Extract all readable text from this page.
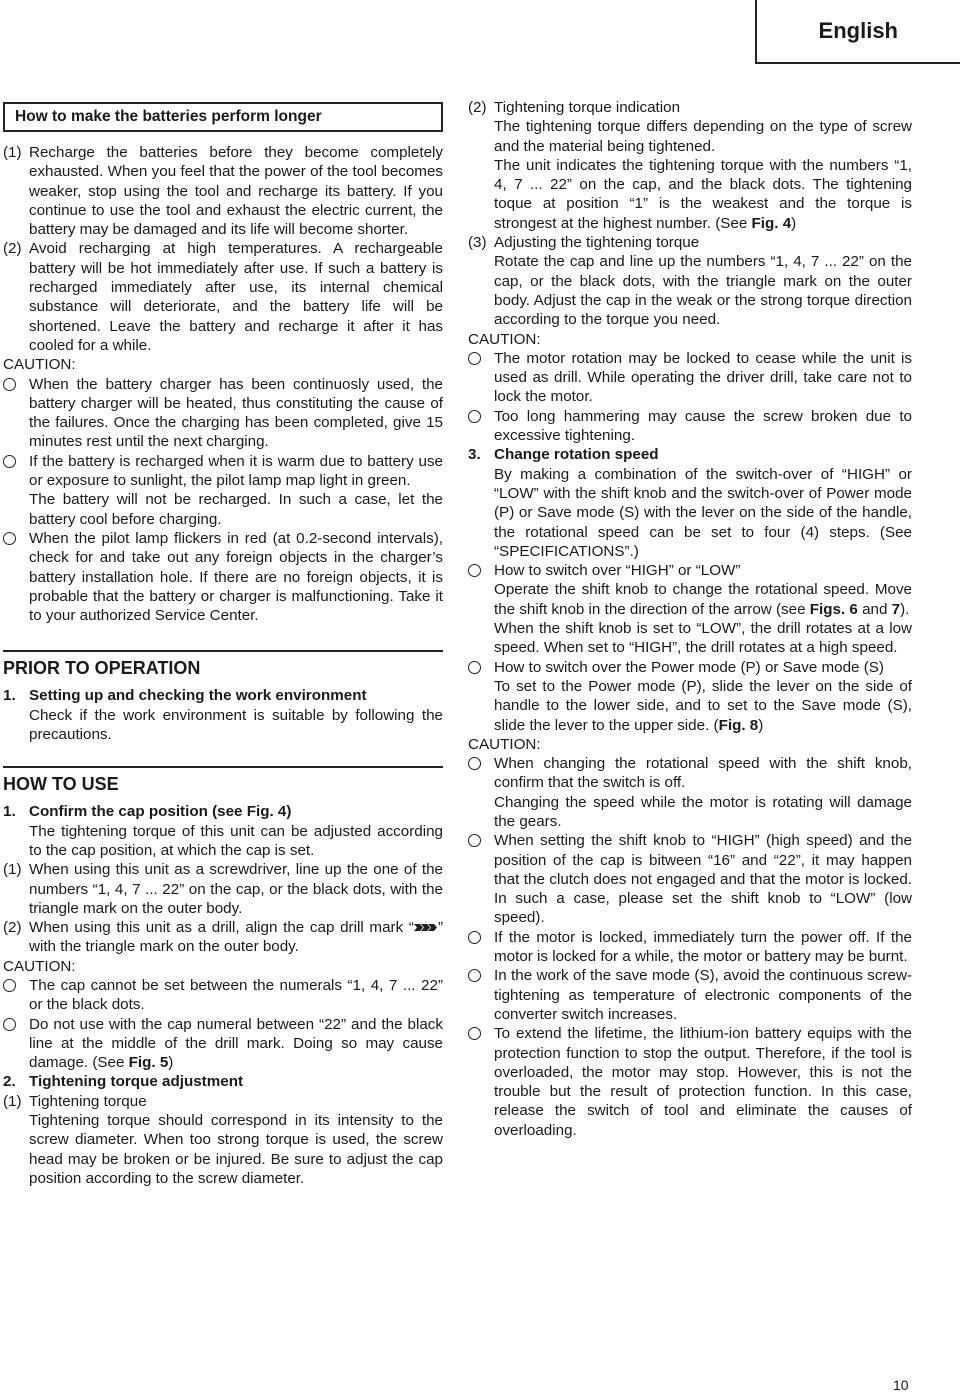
English
How to make the batteries perform longer
(1) Recharge the batteries before they become completely exhausted. When you feel that the power of the tool becomes weaker, stop using the tool and recharge its battery. If you continue to use the tool and exhaust the electric current, the battery may be damaged and its life will become shorter.
(2) Avoid recharging at high temperatures. A rechargeable battery will be hot immediately after use. If such a battery is recharged immediately after use, its internal chemical substance will deteriorate, and the battery life will be shortened. Leave the battery and recharge it after it has cooled for a while.
CAUTION:
When the battery charger has been continuosly used, the battery charger will be heated, thus constituting the cause of the failures. Once the charging has been completed, give 15 minutes rest until the next charging.
If the battery is recharged when it is warm due to battery use or exposure to sunlight, the pilot lamp map light in green.
The battery will not be recharged. In such a case, let the battery cool before charging.
When the pilot lamp flickers in red (at 0.2-second intervals), check for and take out any foreign objects in the charger’s battery installation hole. If there are no foreign objects, it is probable that the battery or charger is malfunctioning. Take it to your authorized Service Center.
PRIOR TO OPERATION
1. Setting up and checking the work environment
Check if the work environment is suitable by following the precautions.
HOW TO USE
1. Confirm the cap position (see Fig. 4)
The tightening torque of this unit can be adjusted according to the cap position, at which the cap is set.
(1) When using this unit as a screwdriver, line up the one of the numbers “1, 4, 7 ... 22” on the cap, or the black dots, with the triangle mark on the outer body.
(2) When using this unit as a drill, align the cap drill mark “ ” with the triangle mark on the outer body.
CAUTION:
The cap cannot be set between the numerals “1, 4, 7 ... 22” or the black dots.
Do not use with the cap numeral between “22” and the black line at the middle of the drill mark. Doing so may cause damage. (See Fig. 5)
2. Tightening torque adjustment
(1) Tightening torque
Tightening torque should correspond in its intensity to the screw diameter. When too strong torque is used, the screw head may be broken or be injured. Be sure to adjust the cap position according to the screw diameter.
(2) Tightening torque indication
The tightening torque differs depending on the type of screw and the material being tightened.
The unit indicates the tightening torque with the numbers “1, 4, 7 ... 22” on the cap, and the black dots. The tightening toque at position “1” is the weakest and the torque is strongest at the highest number. (See Fig. 4)
(3) Adjusting the tightening torque
Rotate the cap and line up the numbers “1, 4, 7 ... 22” on the cap, or the black dots, with the triangle mark on the outer body. Adjust the cap in the weak or the strong torque direction according to the torque you need.
CAUTION:
The motor rotation may be locked to cease while the unit is used as drill. While operating the driver drill, take care not to lock the motor.
Too long hammering may cause the screw broken due to excessive tightening.
3. Change rotation speed
By making a combination of the switch-over of “HIGH” or “LOW” with the shift knob and the switch-over of Power mode (P) or Save mode (S) with the lever on the side of the handle, the rotational speed can be set to four (4) steps. (See “SPECIFICATIONS”.)
How to switch over “HIGH” or “LOW”
Operate the shift knob to change the rotational speed. Move the shift knob in the direction of the arrow (see Figs. 6 and 7).
When the shift knob is set to “LOW”, the drill rotates at a low speed. When set to “HIGH”, the drill rotates at a high speed.
How to switch over the Power mode (P) or Save mode (S)
To set to the Power mode (P), slide the lever on the side of handle to the lower side, and to set to the Save mode (S), slide the lever to the upper side. (Fig. 8)
CAUTION:
When changing the rotational speed with the shift knob, confirm that the switch is off.
Changing the speed while the motor is rotating will damage the gears.
When setting the shift knob to “HIGH” (high speed) and the position of the cap is bitween “16” and “22”, it may happen that the clutch does not engaged and that the motor is locked. In such a case, please set the shift knob to “LOW” (low speed).
If the motor is locked, immediately turn the power off. If the motor is locked for a while, the motor or battery may be burnt.
In the work of the save mode (S), avoid the continuous screw-tightening as temperature of electronic components of the converter switch increases.
To extend the lifetime, the lithium-ion battery equips with the protection function to stop the output. Therefore, if the tool is overloaded, the motor may stop. However, this is not the trouble but the result of protection function. In this case, release the switch of tool and eliminate the causes of overloading.
10
